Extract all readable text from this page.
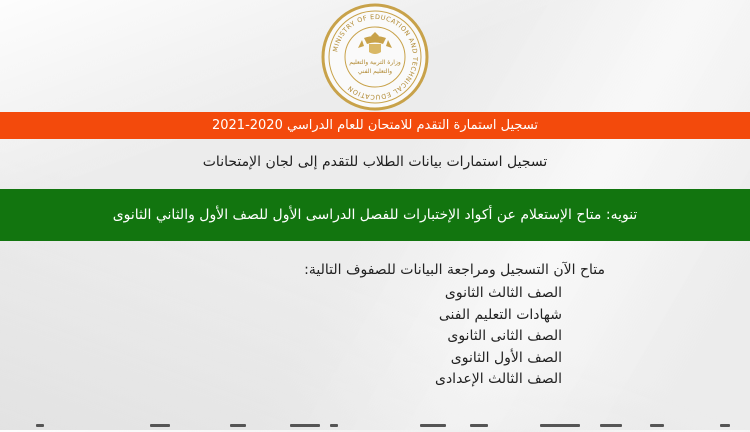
MINISTRY OF EDUCATION AND TECHNICAL EDUCATION
وزارة التربية والتعليم
والتعليم الفني
تسجيل استمارة التقدم للامتحان للعام الدراسي 2020-2021
تسجيل استمارات بيانات الطلاب للتقدم إلى لجان الإمتحانات
تنويه: متاح الإستعلام عن أكواد الإختبارات للفصل الدراسى الأول للصف الأول والثاني الثانوى

متاح الآن التسجيل ومراجعة البيانات للصفوف التالية:

الصف الثالث الثانوى
شهادات التعليم الفنى
الصف الثانى الثانوى
الصف الأول الثانوى
الصف الثالث الإعدادى
